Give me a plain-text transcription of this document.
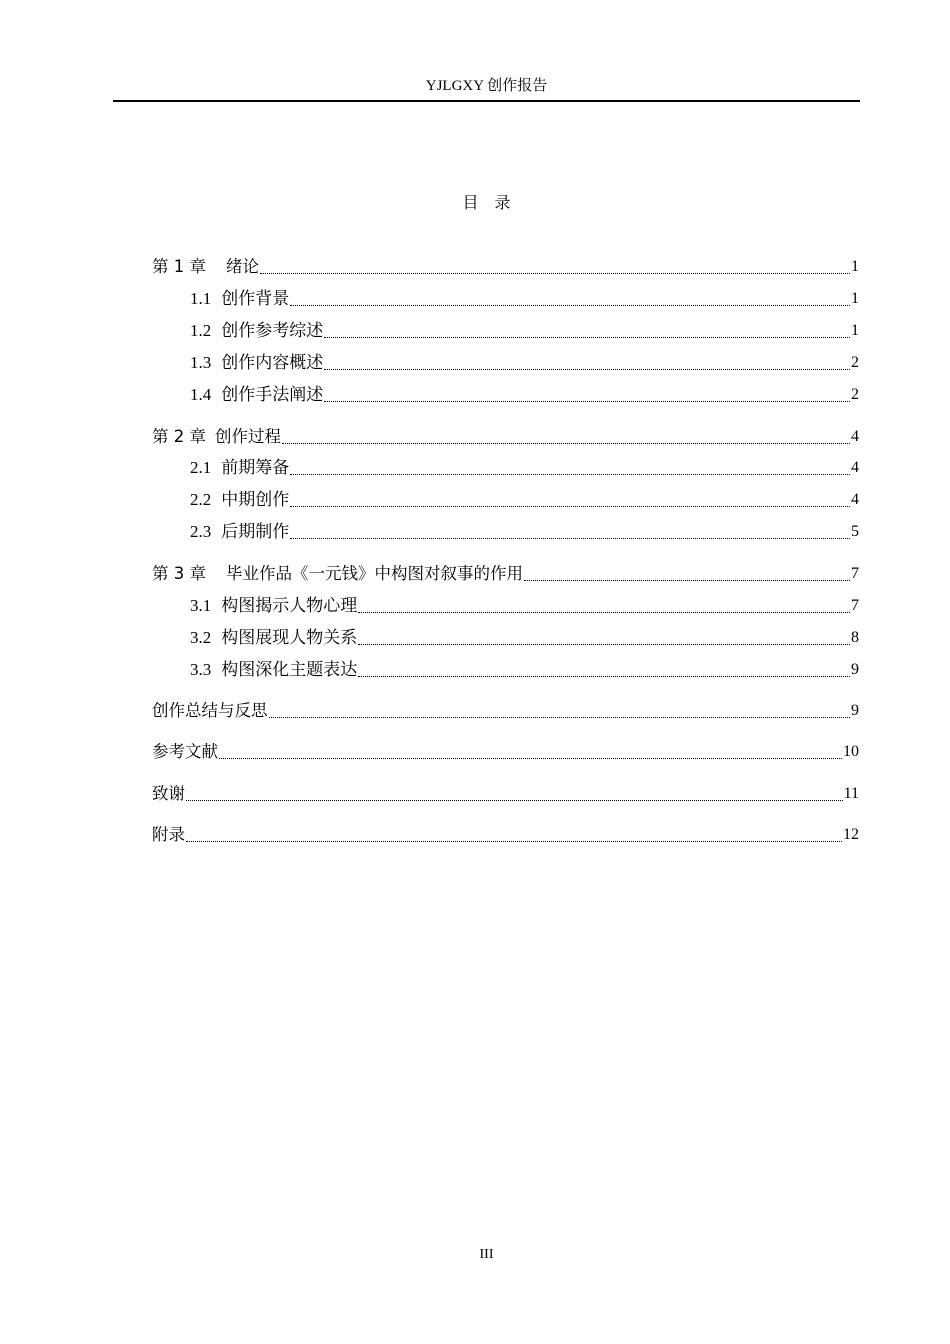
YJLGXY 创作报告
目    录
第 1 章 绪论	1
1.1 创作背景	1
1.2 创作参考综述	1
1.3 创作内容概述	2
1.4 创作手法阐述	2
第 2 章 创作过程	4
2.1 前期筹备	4
2.2 中期创作	4
2.3 后期制作	5
第 3 章 毕业作品《一元钱》中构图对叙事的作用	7
3.1 构图揭示人物心理	7
3.2 构图展现人物关系	8
3.3 构图深化主题表达	9
创作总结与反思	9
参考文献	10
致谢	11
附录	12
III
